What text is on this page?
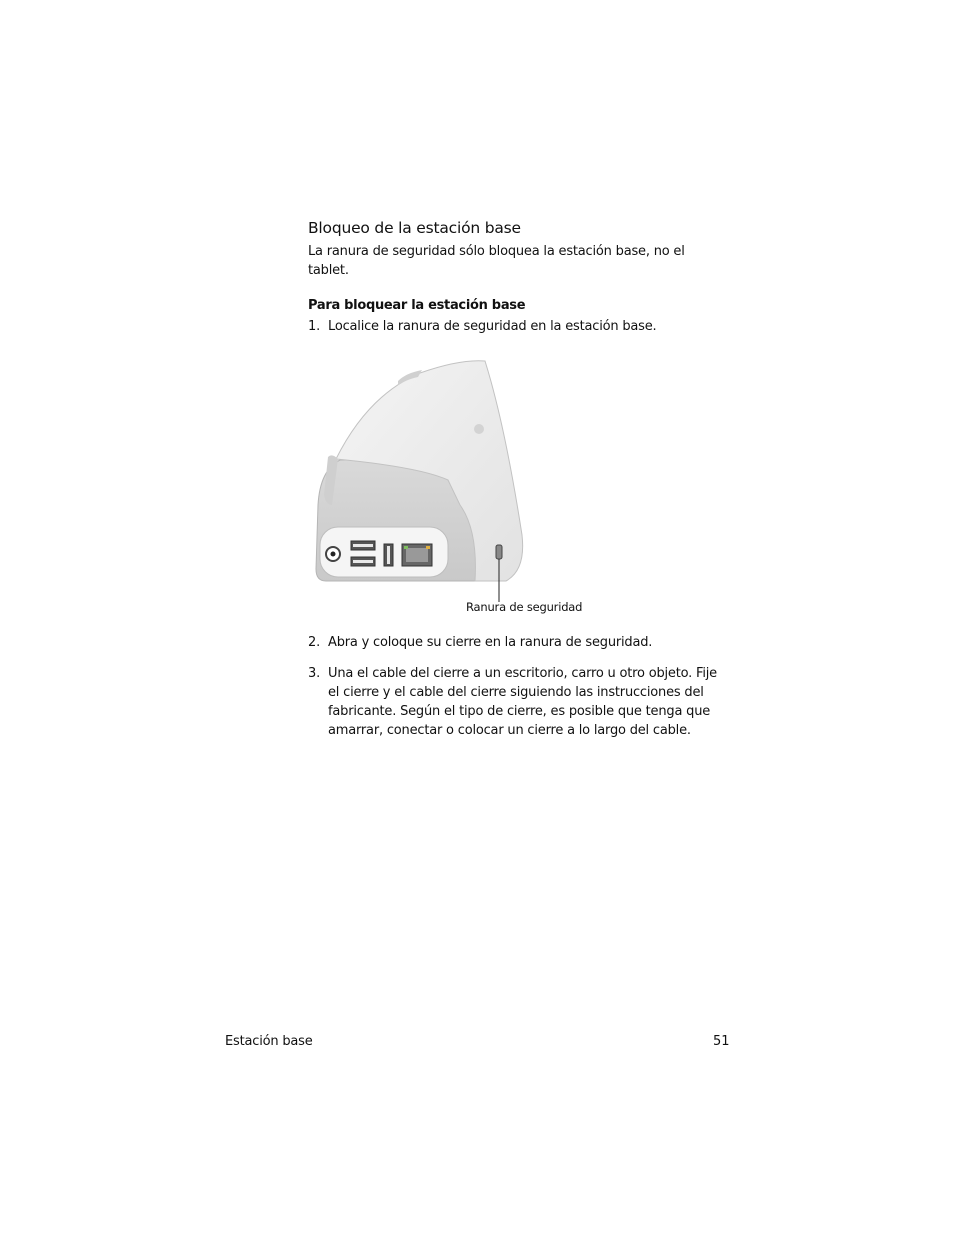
Bloqueo de la estación base
La ranura de seguridad sólo bloquea la estación base, no el tablet.
Para bloquear la estación base
1. Localice la ranura de seguridad en la estación base.
Ranura de seguridad
2. Abra y coloque su cierre en la ranura de seguridad.
3. Una el cable del cierre a un escritorio, carro u otro objeto. Fije el cierre y el cable del cierre siguiendo las instrucciones del fabricante. Según el tipo de cierre, es posible que tenga que amarrar, conectar o colocar un cierre a lo largo del cable.
Estación base	51
